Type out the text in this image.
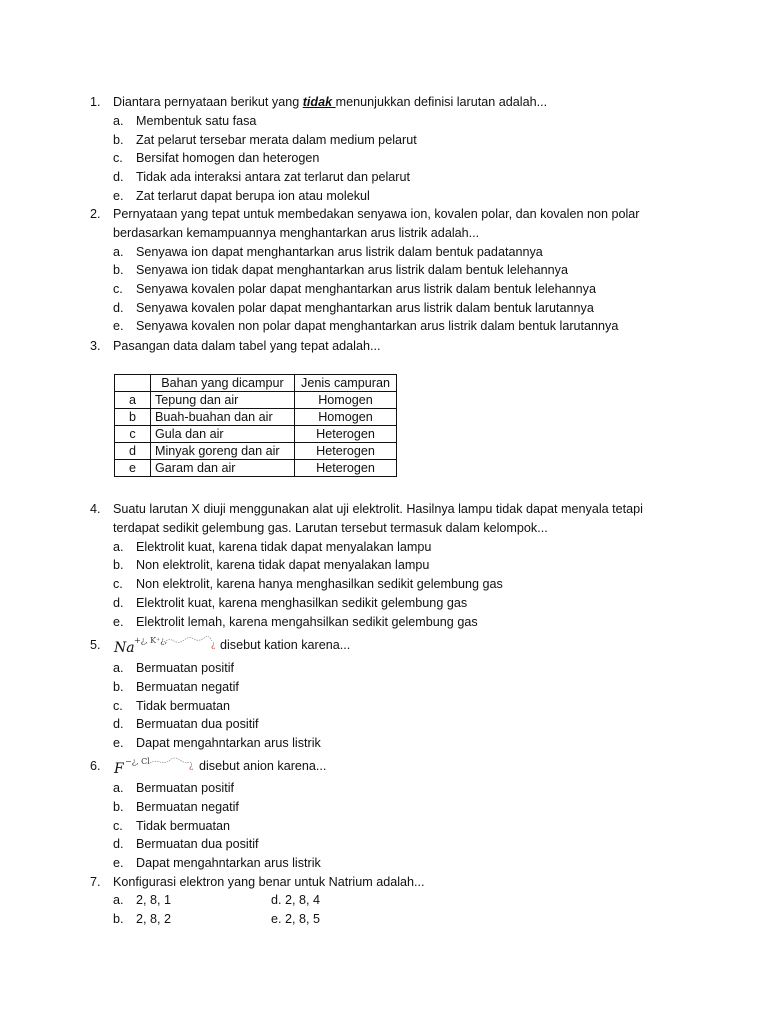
1. Diantara pernyataan berikut yang tidak menunjukkan definisi larutan adalah...
a. Membentuk satu fasa
b. Zat pelarut tersebar merata dalam medium pelarut
c. Bersifat homogen dan heterogen
d. Tidak ada interaksi antara zat terlarut dan pelarut
e. Zat terlarut dapat berupa ion atau molekul
2. Pernyataan yang tepat untuk membedakan senyawa ion, kovalen polar, dan kovalen non polar
berdasarkan kemampuannya menghantarkan arus listrik adalah...
a. Senyawa ion dapat menghantarkan arus listrik dalam bentuk padatannya
b. Senyawa ion tidak dapat menghantarkan arus listrik dalam bentuk lelehannya
c. Senyawa kovalen polar dapat menghantarkan arus listrik dalam bentuk lelehannya
d. Senyawa kovalen polar dapat menghantarkan arus listrik dalam bentuk larutannya
e. Senyawa kovalen non polar dapat menghantarkan arus listrik dalam bentuk larutannya
3. Pasangan data dalam tabel yang tepat adalah...
	Bahan yang dicampur	Jenis campuran
a	Tepung dan air	Homogen
b	Buah-buahan dan air	Homogen
c	Gula dan air	Heterogen
d	Minyak goreng dan air	Heterogen
e	Garam dan air	Heterogen
4. Suatu larutan X diuji menggunakan alat uji elektrolit. Hasilnya lampu tidak dapat menyala tetapi
terdapat sedikit gelembung gas. Larutan tersebut termasuk dalam kelompok...
a. Elektrolit kuat, karena tidak dapat menyalakan lampu
b. Non elektrolit, karena tidak dapat menyalakan lampu
c. Non elektrolit, karena hanya menghasilkan sedikit gelembung gas
d. Elektrolit kuat, karena menghasilkan sedikit gelembung gas
e. Elektrolit lemah, karena mengahsilkan sedikit gelembung gas
5. Na +¿, K⁺¿,	¿ disebut kation karena...
a. Bermuatan positif
b. Bermuatan negatif
c. Tidak bermuatan
d. Bermuatan dua positif
e. Dapat mengahntarkan arus listrik
6. F −¿, Cl	¿ disebut anion karena...
a. Bermuatan positif
b. Bermuatan negatif
c. Tidak bermuatan
d. Bermuatan dua positif
e. Dapat mengahntarkan arus listrik
7. Konfigurasi elektron yang benar untuk Natrium adalah...
a. 2, 8, 1	d. 2, 8, 4
b. 2, 8, 2	e. 2, 8, 5
